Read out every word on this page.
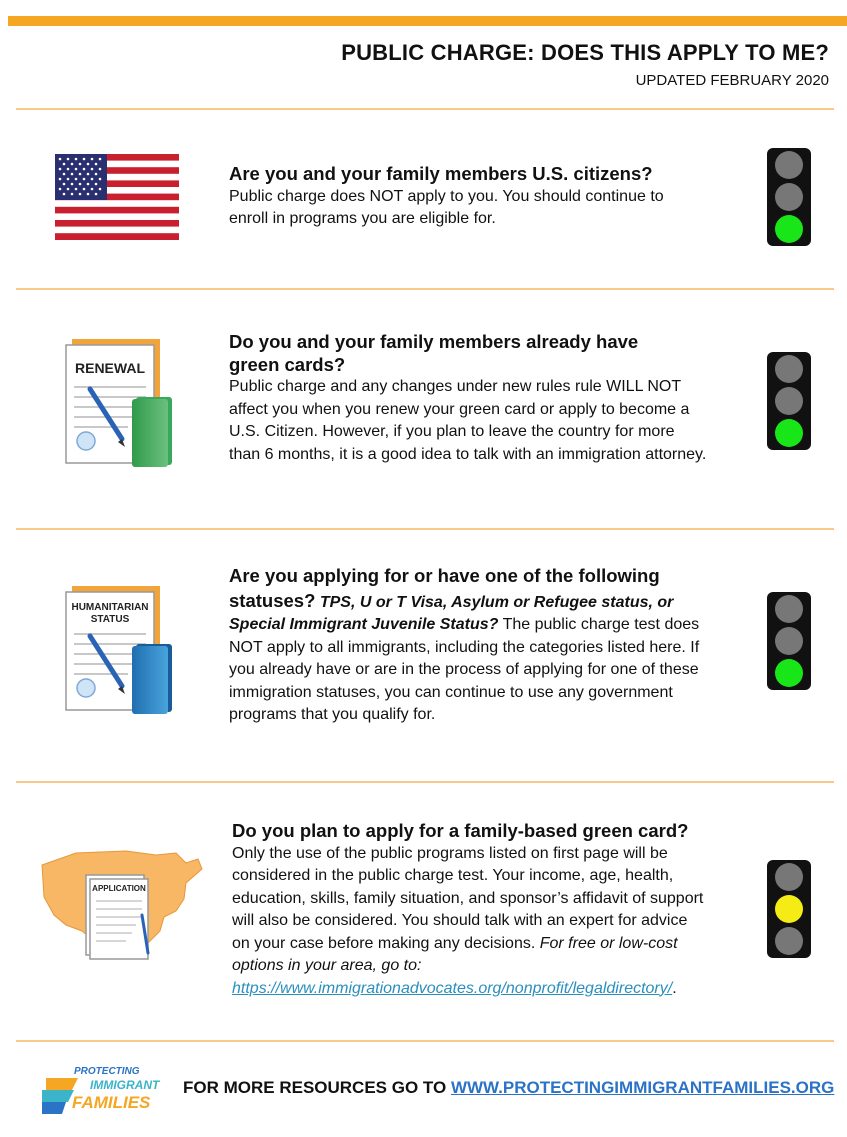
PUBLIC CHARGE: DOES THIS APPLY TO ME?
UPDATED FEBRUARY 2020
Are you and your family members U.S. citizens?
Public charge does NOT apply to you. You should continue to enroll in programs you are eligible for.
RENEWAL
Do you and your family members already have green cards?
Public charge and any changes under new rules rule WILL NOT affect you when you renew your green card or apply to become a U.S. Citizen. However, if you plan to leave the country for more than 6 months, it is a good idea to talk with an immigration attorney.
HUMANITARIAN
STATUS
Are you applying for or have one of the following statuses? TPS, U or T Visa, Asylum or Refugee status, or Special Immigrant Juvenile Status? The public charge test does NOT apply to all immigrants, including the categories listed here. If you already have or are in the process of applying for one of these immigration statuses, you can continue to use any government programs that you qualify for.
APPLICATION
Do you plan to apply for a family-based green card?
Only the use of the public programs listed on first page will be considered in the public charge test. Your income, age, health, education, skills, family situation, and sponsor’s affidavit of support will also be considered. You should talk with an expert for advice on your case before making any decisions. For free or low-cost options in your area, go to: https://www.immigrationadvocates.org/nonprofit/legaldirectory/.
PROTECTING
IMMIGRANT
FAMILIES
FOR MORE RESOURCES GO TO WWW.PROTECTINGIMMIGRANTFAMILIES.ORG
